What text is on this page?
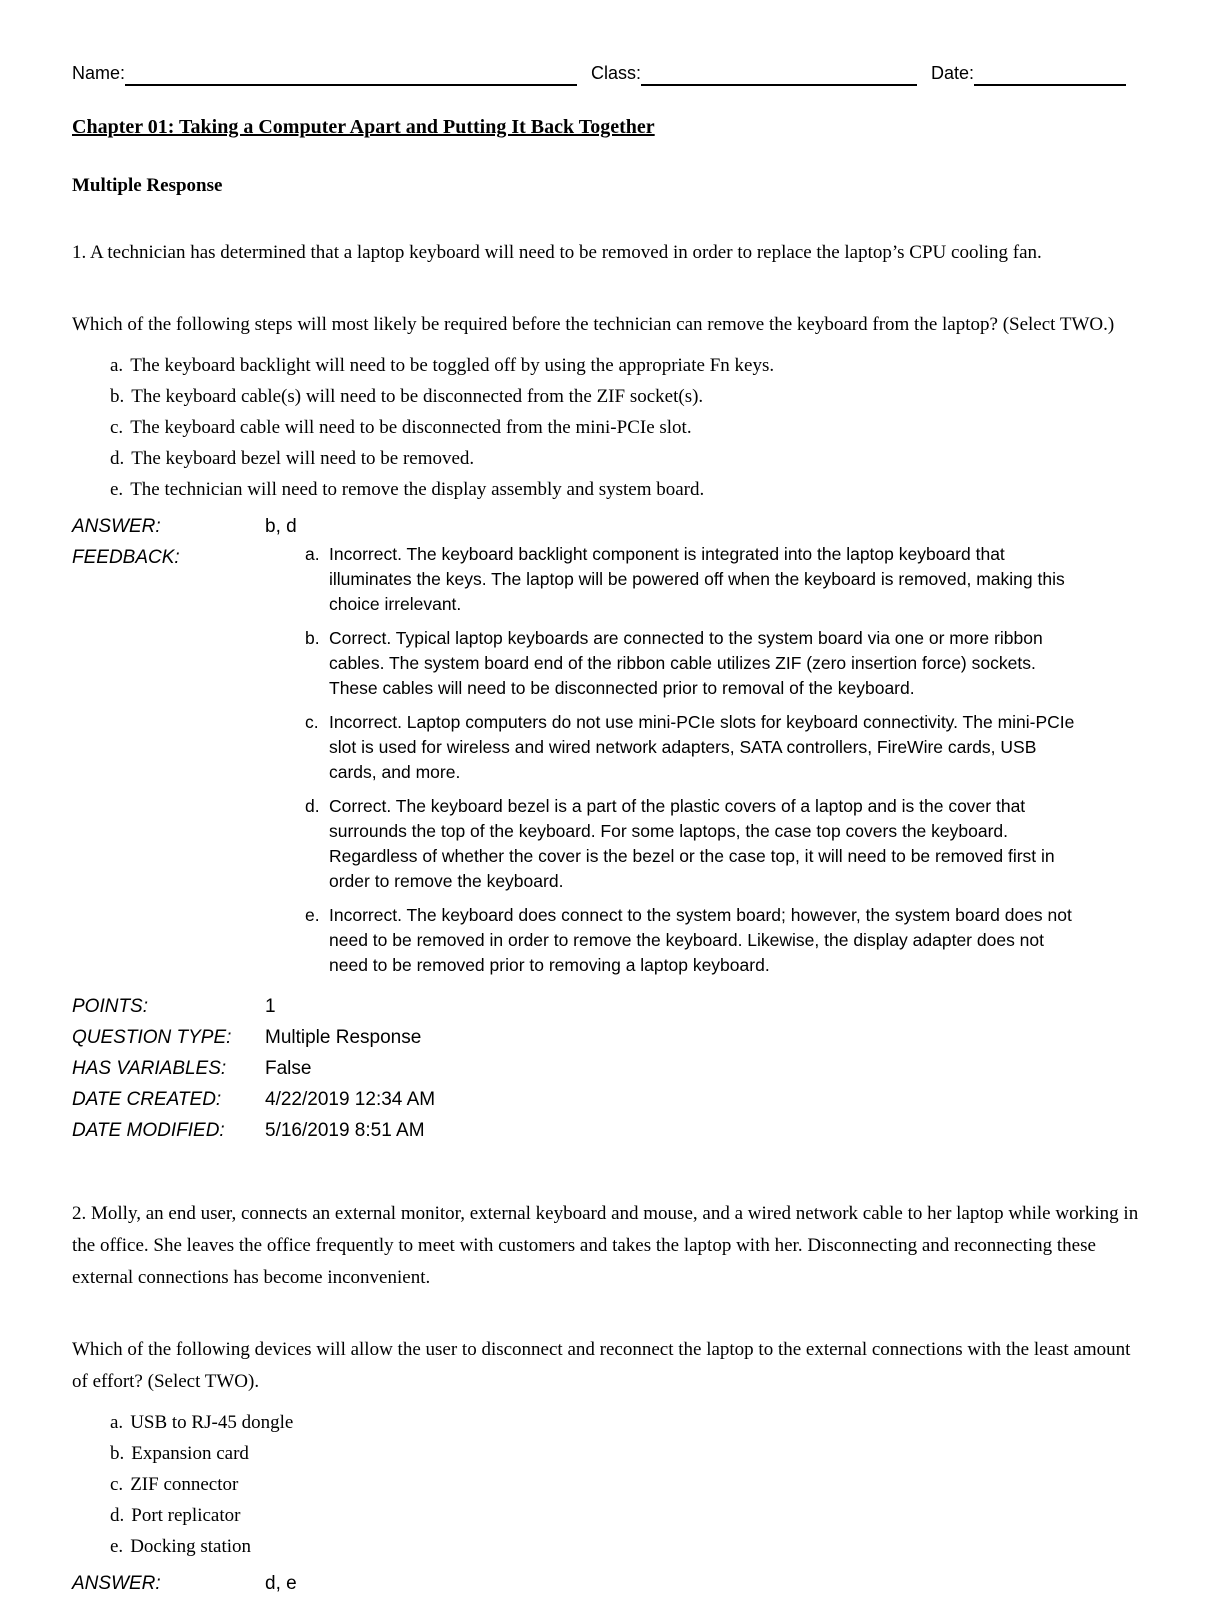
Name:	Class:	Date:
Chapter 01: Taking a Computer Apart and Putting It Back Together
Multiple Response

1. A technician has determined that a laptop keyboard will need to be removed in order to replace the laptop’s CPU cooling fan.

Which of the following steps will most likely be required before the technician can remove the keyboard from the laptop? (Select TWO.)

a. The keyboard backlight will need to be toggled off by using the appropriate Fn keys.
b. The keyboard cable(s) will need to be disconnected from the ZIF socket(s).
c. The keyboard cable will need to be disconnected from the mini-PCIe slot.
d. The keyboard bezel will need to be removed.
e. The technician will need to remove the display assembly and system board.
ANSWER:	b, d
FEEDBACK:	a. Incorrect. The keyboard backlight component is integrated into the laptop keyboard that illuminates the keys. The laptop will be powered off when the keyboard is removed, making this choice irrelevant.
b. Correct. Typical laptop keyboards are connected to the system board via one or more ribbon cables. The system board end of the ribbon cable utilizes ZIF (zero insertion force) sockets. These cables will need to be disconnected prior to removal of the keyboard.
c. Incorrect. Laptop computers do not use mini-PCIe slots for keyboard connectivity. The mini-PCIe slot is used for wireless and wired network adapters, SATA controllers, FireWire cards, USB cards, and more.
d. Correct. The keyboard bezel is a part of the plastic covers of a laptop and is the cover that surrounds the top of the keyboard. For some laptops, the case top covers the keyboard. Regardless of whether the cover is the bezel or the case top, it will need to be removed first in order to remove the keyboard.
e. Incorrect. The keyboard does connect to the system board; however, the system board does not need to be removed in order to remove the keyboard. Likewise, the display adapter does not need to be removed prior to removing a laptop keyboard.
POINTS:	1
QUESTION TYPE:	Multiple Response
HAS VARIABLES:	False
DATE CREATED:	4/22/2019 12:34 AM
DATE MODIFIED:	5/16/2019 8:51 AM

2. Molly, an end user, connects an external monitor, external keyboard and mouse, and a wired network cable to her laptop while working in the office. She leaves the office frequently to meet with customers and takes the laptop with her. Disconnecting and reconnecting these external connections has become inconvenient.

Which of the following devices will allow the user to disconnect and reconnect the laptop to the external connections with the least amount of effort? (Select TWO).

a. USB to RJ-45 dongle
b. Expansion card
c. ZIF connector
d. Port replicator
e. Docking station
ANSWER:	d, e
